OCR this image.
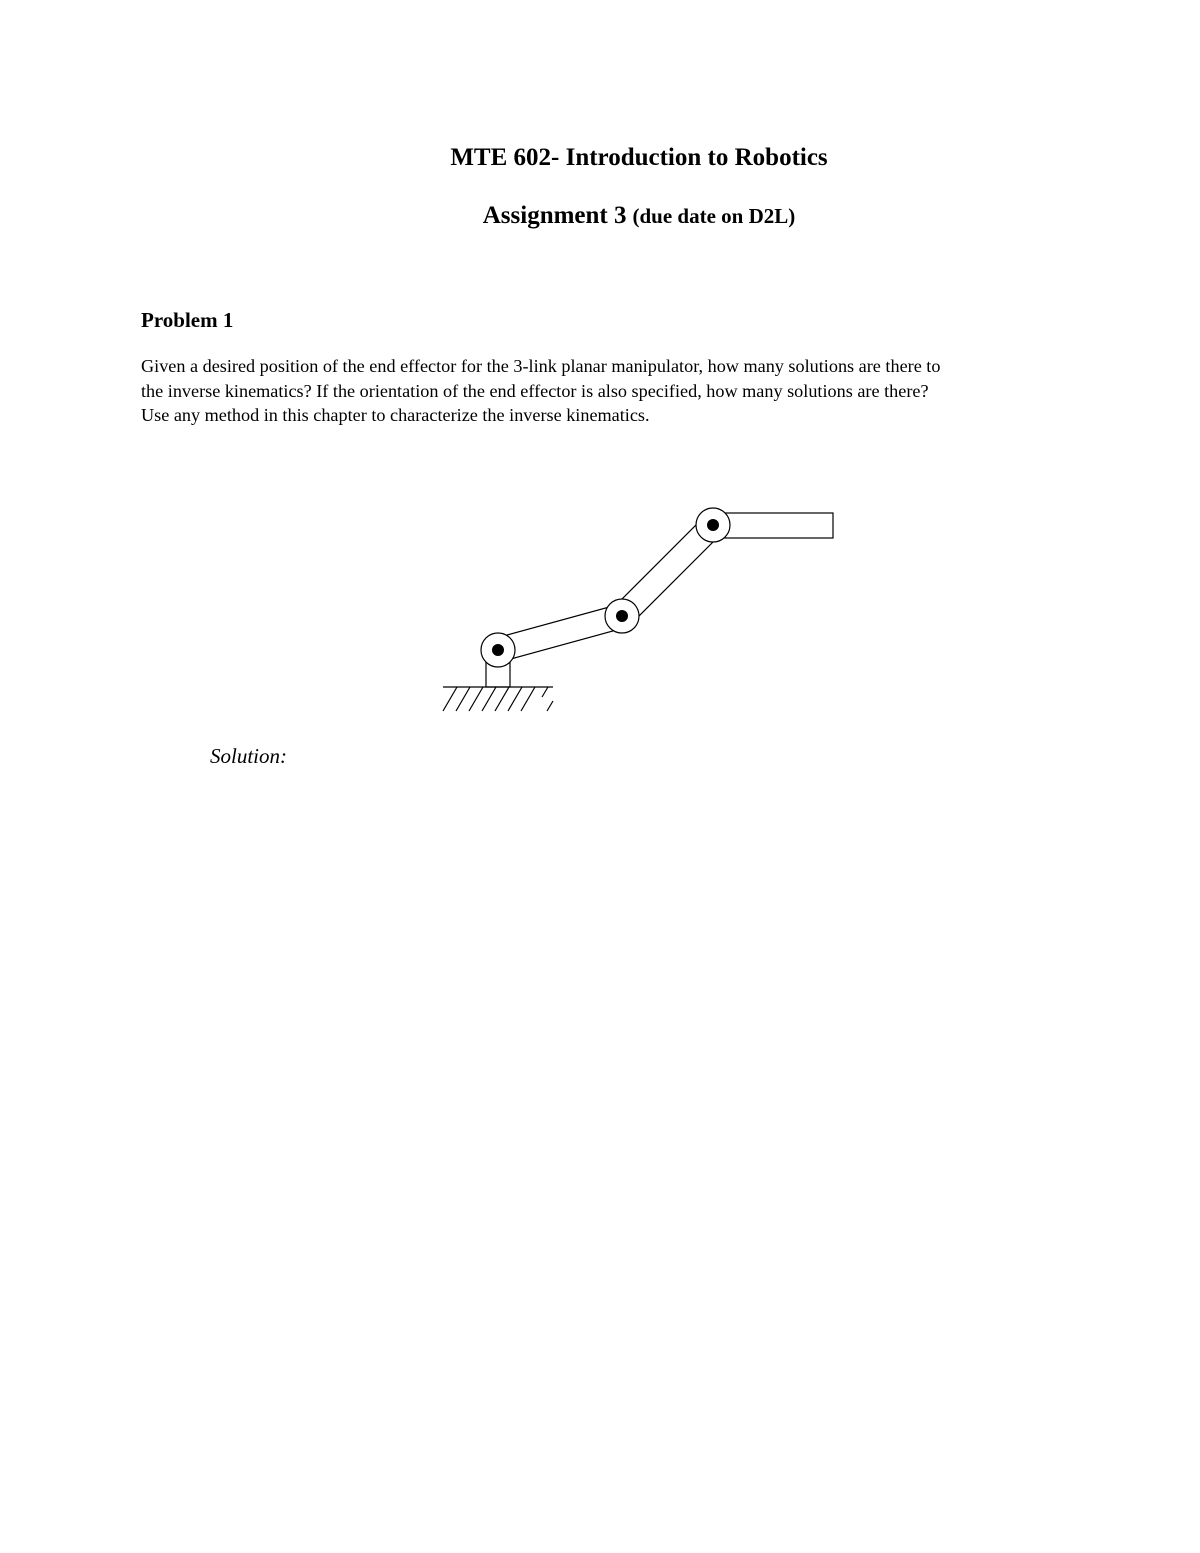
MTE 602- Introduction to Robotics
Assignment 3 (due date on D2L)
Problem 1

Given a desired position of the end effector for the 3-link planar manipulator, how many solutions are there to
the inverse kinematics? If the orientation of the end effector is also specified, how many solutions are there?
Use any method in this chapter to characterize the inverse kinematics.

Solution:
